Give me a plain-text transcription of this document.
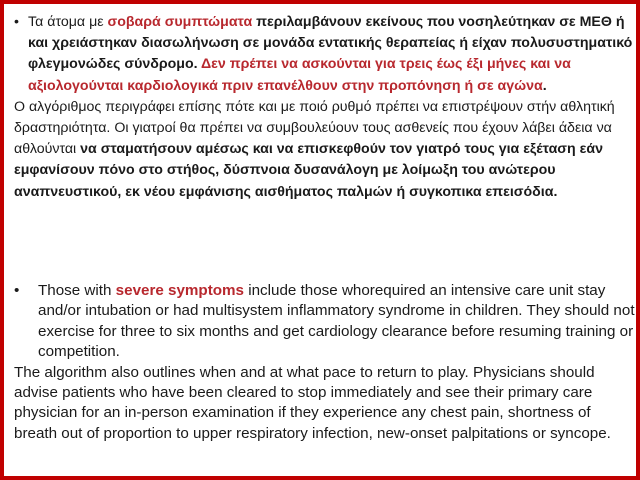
• Τα άτομα με σοβαρά συμπτώματα περιλαμβάνουν εκείνους που νοσηλεύτηκαν σε ΜΕΘ ή και χρειάστηκαν διασωλήνωση σε μονάδα εντατικής θεραπείας ή είχαν πολυσυστηματικό φλεγμονώδες σύνδρομο. Δεν πρέπει να ασκούνται για τρεις έως έξι μήνες και να αξιολογούνται καρδιολογικά πριν επανέλθουν στην προπόνηση ή σε αγώνα.

Ο αλγόριθμος περιγράφει επίσης πότε και με ποιό ρυθμό πρέπει να επιστρέψουν στήν αθλητική δραστηριότητα. Οι γιατροί θα πρέπει να συμβουλεύουν τους ασθενείς που έχουν λάβει άδεια να αθλούνται να σταματήσουν αμέσως και να επισκεφθούν τον γιατρό τους για εξέταση εάν εμφανίσουν πόνο στο στήθος, δύσπνοια δυσανάλογη με λοίμωξη του ανώτερου αναπνευστικού, εκ νέου εμφάνισης αισθήματος παλμών ή συγκοπικα επεισόδια.

• Those with severe symptoms include those whorequired an intensive care unit stay and/or intubation or had multisystem inflammatory syndrome in children. They should not exercise for three to six months and get cardiology clearance before resuming training or competition.

The algorithm also outlines when and at what pace to return to play. Physicians should advise patients who have been cleared to stop immediately and see their primary care physician for an in-person examination if they experience any chest pain, shortness of breath out of proportion to upper respiratory infection, new-onset palpitations or syncope.
